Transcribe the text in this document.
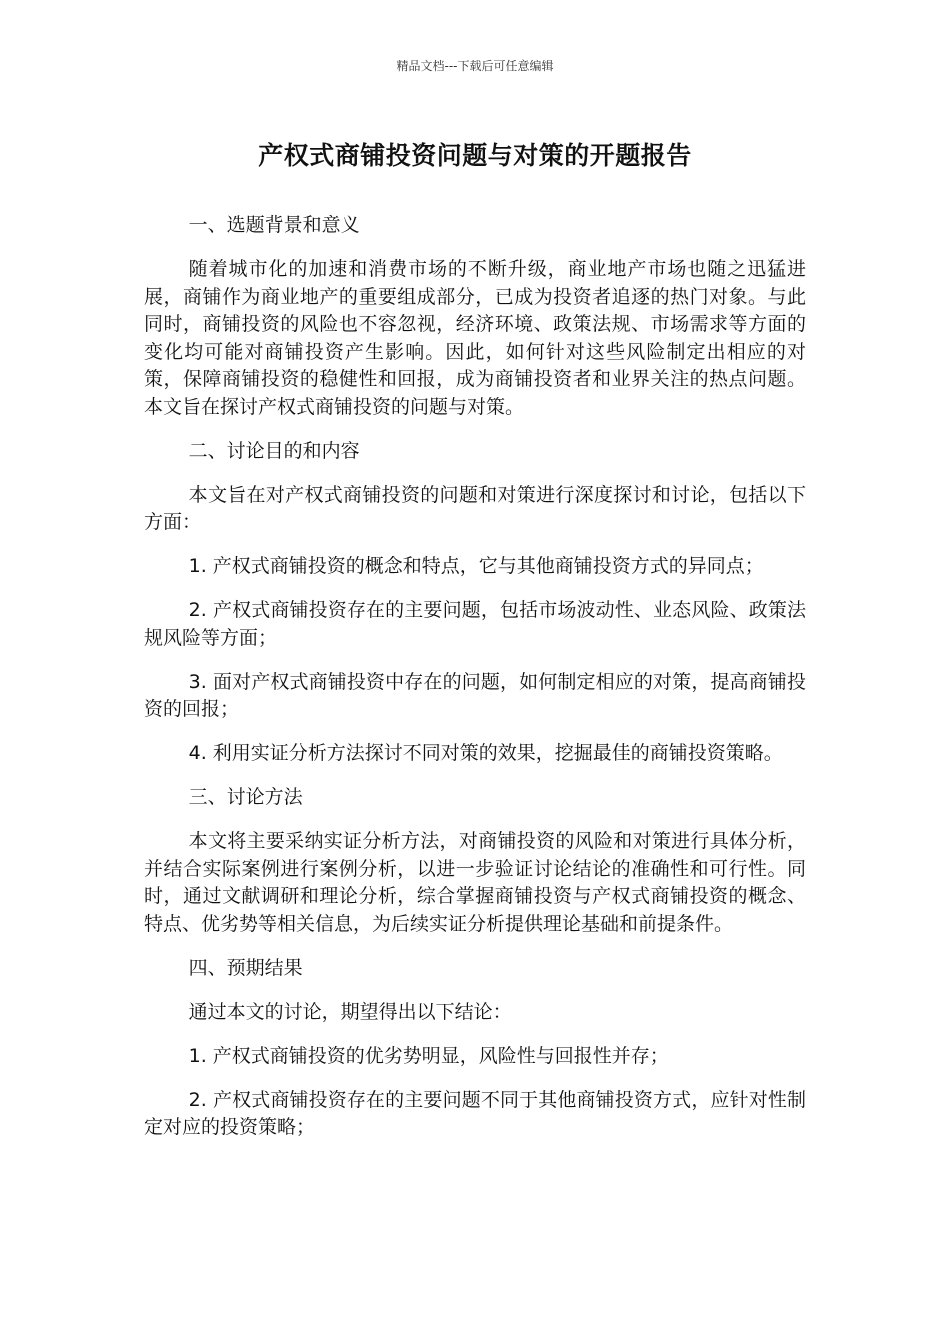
精品文档---下载后可任意编辑
产权式商铺投资问题与对策的开题报告

一、选题背景和意义

随着城市化的加速和消费市场的不断升级，商业地产市场也随之迅猛进展，商铺作为商业地产的重要组成部分，已成为投资者追逐的热门对象。与此同时，商铺投资的风险也不容忽视，经济环境、政策法规、市场需求等方面的变化均可能对商铺投资产生影响。因此，如何针对这些风险制定出相应的对策，保障商铺投资的稳健性和回报，成为商铺投资者和业界关注的热点问题。本文旨在探讨产权式商铺投资的问题与对策。

二、讨论目的和内容

本文旨在对产权式商铺投资的问题和对策进行深度探讨和讨论，包括以下方面：

1. 产权式商铺投资的概念和特点，它与其他商铺投资方式的异同点；

2. 产权式商铺投资存在的主要问题，包括市场波动性、业态风险、政策法规风险等方面；

3. 面对产权式商铺投资中存在的问题，如何制定相应的对策，提高商铺投资的回报；

4. 利用实证分析方法探讨不同对策的效果，挖掘最佳的商铺投资策略。

三、讨论方法

本文将主要采纳实证分析方法，对商铺投资的风险和对策进行具体分析，并结合实际案例进行案例分析，以进一步验证讨论结论的准确性和可行性。同时，通过文献调研和理论分析，综合掌握商铺投资与产权式商铺投资的概念、特点、优劣势等相关信息，为后续实证分析提供理论基础和前提条件。

四、预期结果

通过本文的讨论，期望得出以下结论：

1. 产权式商铺投资的优劣势明显，风险性与回报性并存；

2. 产权式商铺投资存在的主要问题不同于其他商铺投资方式，应针对性制定对应的投资策略；
